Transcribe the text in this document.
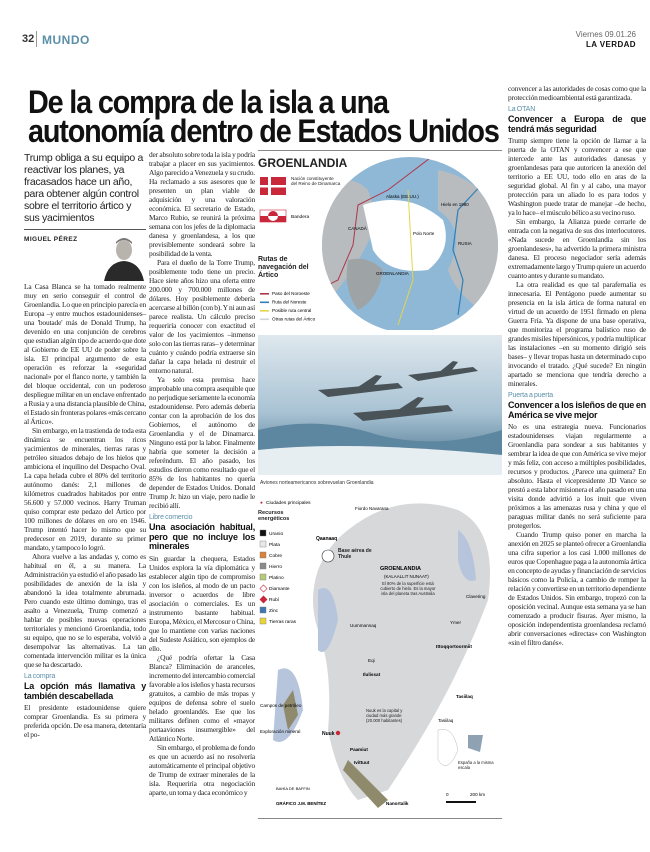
32 MUNDO	Viernes 09.01.26
LA VERDAD
De la compra de la isla a una autonomía dentro de Estados Unidos
Trump obliga a su equipo a reactivar los planes, ya fracasados hace un año, para obtener algún control sobre el territorio ártico y sus yacimientos
MIGUEL PÉREZ

La Casa Blanca se ha tomado realmente muy en serio conseguir el control de Groenlandia. Lo que en principio parecía en Europa –y entre muchos estadounidenses– una 'boutade' más de Donald Trump, ha devenido en una conjunción de cerebros que estudian algún tipo de acuerdo que dote al Gobierno de EE UU de poder sobre la isla. El principal argumento de esta operación es reforzar la «seguridad nacional» por el flanco norte, y también la del bloque occidental, con un poderoso despliegue militar en un enclave enfrentado a Rusia y a una distancia plausible de China, el Estado sin fronteras polares «más cercano al Ártico».

Sin embargo, en la trastienda de toda esta dinámica se encuentran los ricos yacimientos de minerales, tierras raras y petróleo situados debajo de los hielos que ambiciona el inquilino del Despacho Oval. La capa helada cubre el 80% del territorio autónomo danés: 2,1 millones de kilómetros cuadrados habitados por entre 56.600 y 57.000 vecinos. Harry Truman quiso comprar este pedazo del Ártico por 100 millones de dólares en oro en 1946. Trump intentó hacer lo mismo que su predecesor en 2019, durante su primer mandato, y tampoco lo logró.

Ahora vuelve a las andadas y, como es habitual en él, a su manera. La Administración ya estudió el año pasado las posibilidades de anexión de la isla y abandonó la idea totalmente abrumada. Pero cuando este último domingo, tras el asalto a Venezuela, Trump comenzó a hablar de posibles nuevas operaciones territoriales y mencionó Groenlandia, todo su equipo, que no se lo esperaba, volvió a desempolvar las alternativas. La tan comentada intervención militar es la única que se ha descartado.

La compra
La opción más llamativa y también descabellada

El presidente estadounidense quiere comprar Groenlandia. Es su primera y preferida opción. De esa manera, detentaría el po-

der absoluto sobre toda la isla y podría trabajar a placer en sus yacimientos. Algo parecido a Venezuela y su crudo. Ha reclamado a sus asesores que le presenten un plan viable de adquisición y una valoración económica. El secretario de Estado, Marco Rubio, se reunirá la próxima semana con los jefes de la diplomacia danesa y groenlandesa, a los que previsiblemente sondeará sobre la posibilidad de la venta.

Para el dueño de la Torre Trump, posiblemente todo tiene un precio. Hace siete años hizo una oferta entre 200.000 y 700.000 millones de dólares. Hoy posiblemente debería acercarse al billón (con b). Y ni aun así parece realista. Un cálculo preciso requeriría conocer con exactitud el valor de los yacimientos –inmenso solo con las tierras raras– y determinar cuánto y cuándo podría extraerse sin dañar la capa helada ni destruir el entorno natural.

Ya solo esta premisa hace improbable una compra asequible que no perjudique seriamente la economía estadounidense. Pero además debería contar con la aprobación de los dos Gobiernos, el autónomo de Groenlandia y el de Dinamarca. Ninguno está por la labor. Finalmente habría que someter la decisión a referéndum. El año pasado, los estudios dieron como resultado que el 85% de los habitantes no quería depender de Estados Unidos. Donald Trump Jr. hizo un viaje, pero nadie le recibió allí.

Libre comercio
Una asociación habitual, pero que no incluye los minerales

Sin guardar la chequera, Estados Unidos explora la vía diplomática y establecer algún tipo de compromiso con los isleños, al modo de un pacto inversor o acuerdos de libre asociación o comerciales. Es un instrumento bastante habitual. Europa, México, el Mercosur o China, que lo mantiene con varias naciones del Sudeste Asiático, son ejemplos de ello.

¿Qué podría ofertar la Casa Blanca? Eliminación de aranceles, incremento del intercambio comercial favorable a los isleños y hasta recursos gratuitos, a cambio de más tropas y equipos de defensa sobre el suelo helado groenlandés. Ese que los militares definen como el «mayor portaaviones insumergible» del Atlántico Norte.

Sin embargo, el problema de fondo es que un acuerdo así no resolvería automáticamente el principal objetivo de Trump de extraer minerales de la isla. Requeriría otra negociación aparte, un toma y daca económico y

convencer a las autoridades de cosas como que la protección medioambiental está garantizada.

La OTAN
Convencer a Europa de que tendrá más seguridad

Trump siempre tiene la opción de llamar a la puerta de la OTAN y convencer a ese que intercede ante las autoridades danesas y groenlandesas para que autoricen la anexión del territorio a EE UU, todo ello en aras de la seguridad global. Al fin y al cabo, una mayor protección para un aliado lo es para todos y Washington puede tratar de manejar –de hecho, ya lo hace– el músculo bélico a su vecino ruso.

Sin embargo, la Alianza puede cerrarle de entrada con la negativa de sus dos interlocutores. «Nada sucede en Groenlandia sin los groenlandeses», ha advertido la primera ministra danesa. El proceso negociador sería además extremadamente largo y Trump quiere un acuerdo cuanto antes y durante su mandato.

La otra realidad es que tal parafernalia es innecesaria. El Pentágono puede aumentar su presencia en la isla ártica de forma natural en virtud de un acuerdo de 1951 firmado en plena Guerra Fría. Ya dispone de una base operativa, que monitoriza el programa balístico ruso de grandes misiles hipersónicos, y podría multiplicar las instalaciones –en su momento dirigió seis bases– y llevar tropas hasta un determinado cupo invocando el tratado. ¿Qué sucede? En ningún apartado se menciona que tendría derecho a minerales.

Puerta a puerta
Convencer a los isleños de que en América se vive mejor

No es una estrategia nueva. Funcionarios estadounidenses viajan regularmente a Groenlandia para sondear a sus habitantes y sembrar la idea de que con América se vive mejor y más feliz, con acceso a múltiples posibilidades, recursos y productos. ¿Parece una quimera? En absoluto. Hasta el vicepresidente JD Vance se prestó a esta labor misionera el año pasado en una visita donde advirtió a los inuit que viven próximos a las amenazas rusa y china y que el paraguas militar danés no será suficiente para protegerlos.

Cuando Trump quiso poner en marcha la anexión en 2025 se planteó ofrecer a Groenlandia una cifra superior a los casi 1.000 millones de euros que Copenhague paga a la autonomía ártica en concepto de ayudas y financiación de servicios básicos como la Policía, a cambio de romper la relación y convertirse en un territorio dependiente de Estados Unidos. Sin embargo, tropezó con la oposición vecinal. Aunque esta semana ya se han comenzado a producir fisuras. Ayer mismo, la oposición independentista groenlandesa reclamó abrir conversaciones «directas» con Washington «sin el filtro danés».

GROENLANDIA
Nación constituyente del Reino de Dinamarca
Bandera
Rutas de navegación del Ártico
Paso del Noroeste
Ruta del Noreste
Posible ruta central
Otras rutas del Ártico
Alaska (EE.UU.)
Hielo en 1980
CANADÁ
Polo Norte
RUSIA
GROENLANDIA
Aviones norteamericanos sobrevuelan Groenlandia
● Ciudades principales
Recursos energéticos
Uranio
Plata
Cobre
Hierro
Platino
Diamante
Rubí
Zinc
Tierras raras
Campos de petróleo
Exploración mineral
Fiordo Navarana
Qaanaaq
Base aérea de Thule
GROENLANDIA
(KALAALLIT NUNAAT)
El 80% de la superficie está cubierto de hielo. Es la mayor isla del planeta tras Australia
Uummannaq
Eqi
Ilulissat
Clavering
Ymer
Ittoqqortoormiit
BAHÍA DE BAFFIN
Nuuk
Nuuk es la capital y ciudad más grande (20.000 habitantes)
Paamiut
Ivittuut
Nanortalik
Tasiilaq
Tasiilaq
España a la misma escala
0	200 km
GRÁFICO J.M. BENÍTEZ
